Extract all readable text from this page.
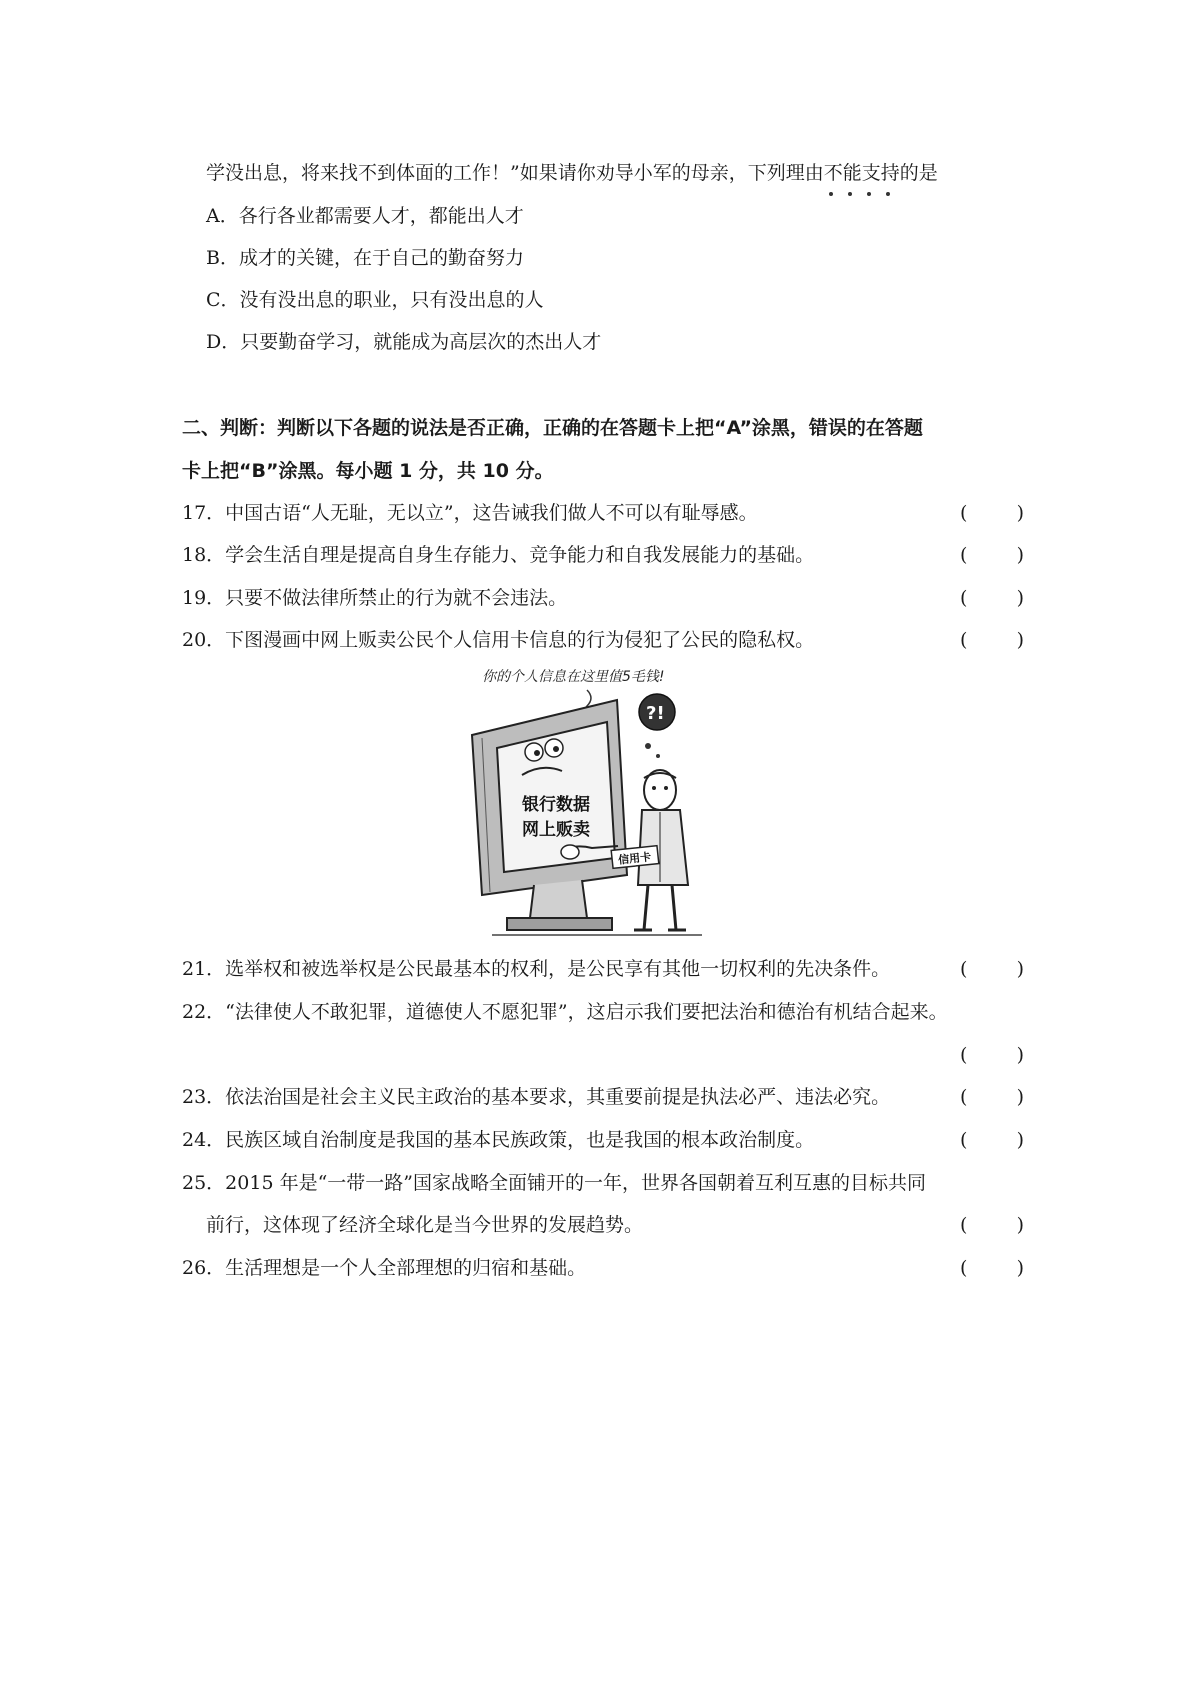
学没出息，将来找不到体面的工作！”如果请你劝导小军的母亲，下列理由不能支持的是
A．各行各业都需要人才，都能出人才
B．成才的关键，在于自己的勤奋努力
C．没有没出息的职业，只有没出息的人
D．只要勤奋学习，就能成为高层次的杰出人才
二、判断：判断以下各题的说法是否正确，正确的在答题卡上把“A”涂黑，错误的在答题
卡上把“B”涂黑。每小题 1 分，共 10 分。
17．中国古语“人无耻，无以立”，这告诫我们做人不可以有耻辱感。	(	)
18．学会生活自理是提高自身生存能力、竞争能力和自我发展能力的基础。	(	)
19．只要不做法律所禁止的行为就不会违法。	(	)
20．下图漫画中网上贩卖公民个人信用卡信息的行为侵犯了公民的隐私权。	(	)
你的个人信息在这里值5毛钱!
银行数据
网上贩卖
?!
信用卡
21．选举权和被选举权是公民最基本的权利，是公民享有其他一切权利的先决条件。	(	)
22．“法律使人不敢犯罪，道德使人不愿犯罪”，这启示我们要把法治和德治有机结合起来。
(	)
23．依法治国是社会主义民主政治的基本要求，其重要前提是执法必严、违法必究。	(	)
24．民族区域自治制度是我国的基本民族政策，也是我国的根本政治制度。	(	)
25．2015 年是“一带一路”国家战略全面铺开的一年，世界各国朝着互利互惠的目标共同
前行，这体现了经济全球化是当今世界的发展趋势。	(	)
26．生活理想是一个人全部理想的归宿和基础。	(	)
